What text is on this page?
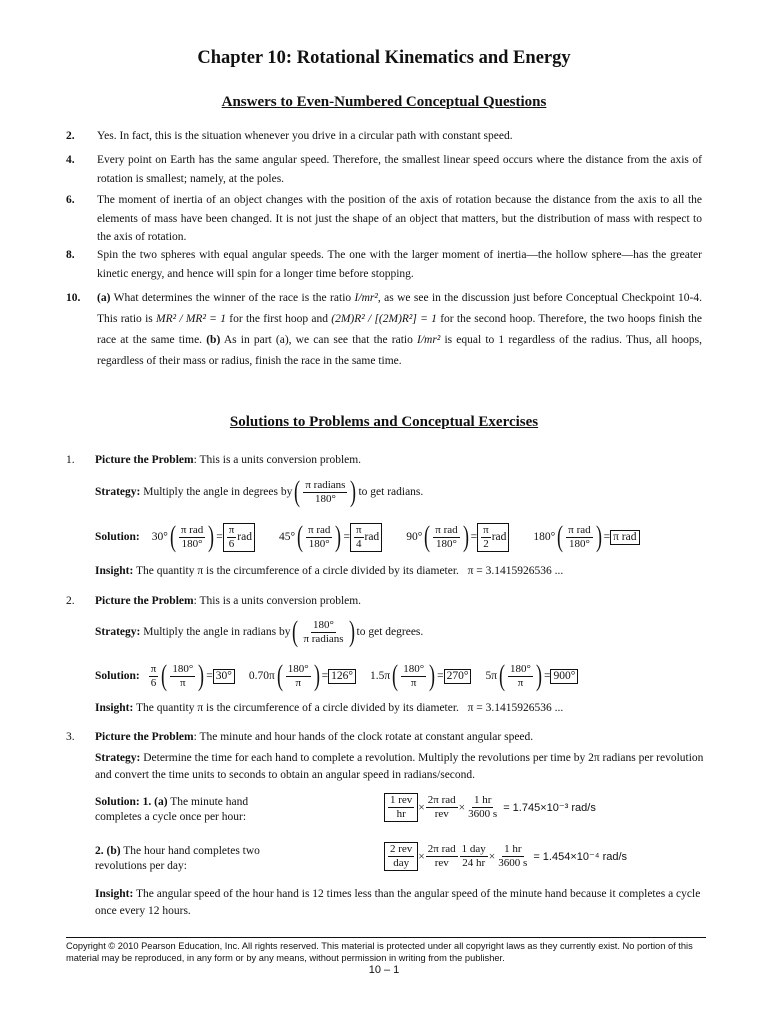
Chapter 10: Rotational Kinematics and Energy
Answers to Even-Numbered Conceptual Questions
2. Yes. In fact, this is the situation whenever you drive in a circular path with constant speed.
4. Every point on Earth has the same angular speed. Therefore, the smallest linear speed occurs where the distance from the axis of rotation is smallest; namely, at the poles.
6. The moment of inertia of an object changes with the position of the axis of rotation because the distance from the axis to all the elements of mass have been changed. It is not just the shape of an object that matters, but the distribution of mass with respect to the axis of rotation.
8. Spin the two spheres with equal angular speeds. The one with the larger moment of inertia—the hollow sphere—has the greater kinetic energy, and hence will spin for a longer time before stopping.
10. (a) What determines the winner of the race is the ratio I/mr², as we see in the discussion just before Conceptual Checkpoint 10-4. This ratio is MR² / MR² = 1 for the first hoop and (2M)R² / [(2M)R²] = 1 for the second hoop. Therefore, the two hoops finish the race at the same time. (b) As in part (a), we can see that the ratio I/mr² is equal to 1 regardless of the radius. Thus, all hoops, regardless of their mass or radius, finish the race in the same time.
Solutions to Problems and Conceptual Exercises
1. Picture the Problem: This is a units conversion problem.
Strategy:
Multiply the angle in degrees by ( $\frac{\text{π radians}}{180^\circ}$ ) to get radians.
Solution: 30° ( $\frac{\text{π rad}}{180^\circ}$ ) = $\frac{\pi}{6}$ rad 45° ( $\frac{\text{π rad}}{180^\circ}$ ) = $\frac{\pi}{4}$ rad 90° ( $\frac{\text{π rad}}{180^\circ}$ ) = $\frac{\pi}{2}$ rad 180° ( $\frac{\text{π rad}}{180^\circ}$ ) = π rad
Insight: The quantity π is the circumference of a circle divided by its diameter. π = 3.1415926536 ...
2. Picture the Problem: This is a units conversion problem.
Strategy:
Multiply the angle in radians by ( $\frac{180^\circ}{\text{π radians}}$ ) to get degrees.
Solution: $\frac{\pi}{6}$ ( $\frac{180^\circ}{\pi}$ ) = 30° 0.70π ( $\frac{180^\circ}{\pi}$ ) = 126° 1.5π ( $\frac{180^\circ}{\pi}$ ) = 270° 5π ( $\frac{180^\circ}{\pi}$ ) = 900°
Insight: The quantity π is the circumference of a circle divided by its diameter. π = 3.1415926536 ...
3. Picture the Problem: The minute and hour hands of the clock rotate at constant angular speed.
Strategy: Determine the time for each hand to complete a revolution. Multiply the revolutions per time by 2π radians per revolution and convert the time units to seconds to obtain an angular speed in radians/second.
Solution: 1. (a) The minute hand completes a cycle once per hour:	$\frac{\text{1 rev}}{hr} \times \frac{\text{2π rad}}{\text{rev}} \times \frac{1 hr}{3600 s} = 1.745\times 10^{-3}$ rad/s
2. (b) The hour hand completes two revolutions per day:	$\frac{\text{2 rev}}{\text{day}} \times \frac{\text{2π rad}}{\text{rev}} \frac{\text{1 day}}{24 hr} \times \frac{1 hr}{3600 s} = 1.454\times 10^{-4}$ rad/s
Insight: The angular speed of the hour hand is 12 times less than the angular speed of the minute hand because it completes a cycle once every 12 hours.
Copyright © 2010 Pearson Education, Inc. All rights reserved. This material is protected under all copyright laws as they currently exist. No portion of this material may be reproduced, in any form or by any means, without permission in writing from the publisher.
10 – 1
